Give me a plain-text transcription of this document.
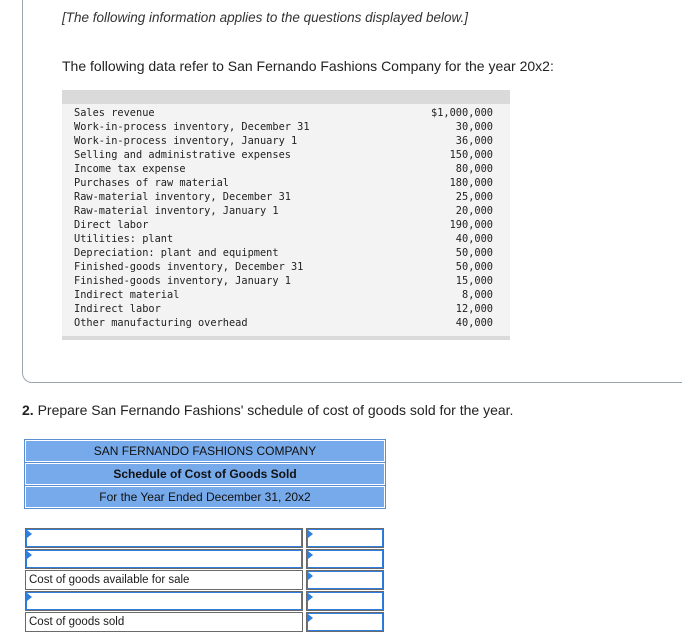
[The following information applies to the questions displayed below.]
The following data refer to San Fernando Fashions Company for the year 20x2:
Sales revenue	$1,000,000
Work-in-process inventory, December 31	30,000
Work-in-process inventory, January 1	36,000
Selling and administrative expenses	150,000
Income tax expense	80,000
Purchases of raw material	180,000
Raw-material inventory, December 31	25,000
Raw-material inventory, January 1	20,000
Direct labor	190,000
Utilities: plant	40,000
Depreciation: plant and equipment	50,000
Finished-goods inventory, December 31	50,000
Finished-goods inventory, January 1	15,000
Indirect material	8,000
Indirect labor	12,000
Other manufacturing overhead	40,000
2. Prepare San Fernando Fashions' schedule of cost of goods sold for the year.
SAN FERNANDO FASHIONS COMPANY
Schedule of Cost of Goods Sold
For the Year Ended December 31, 20x2
Cost of goods available for sale
Cost of goods sold
